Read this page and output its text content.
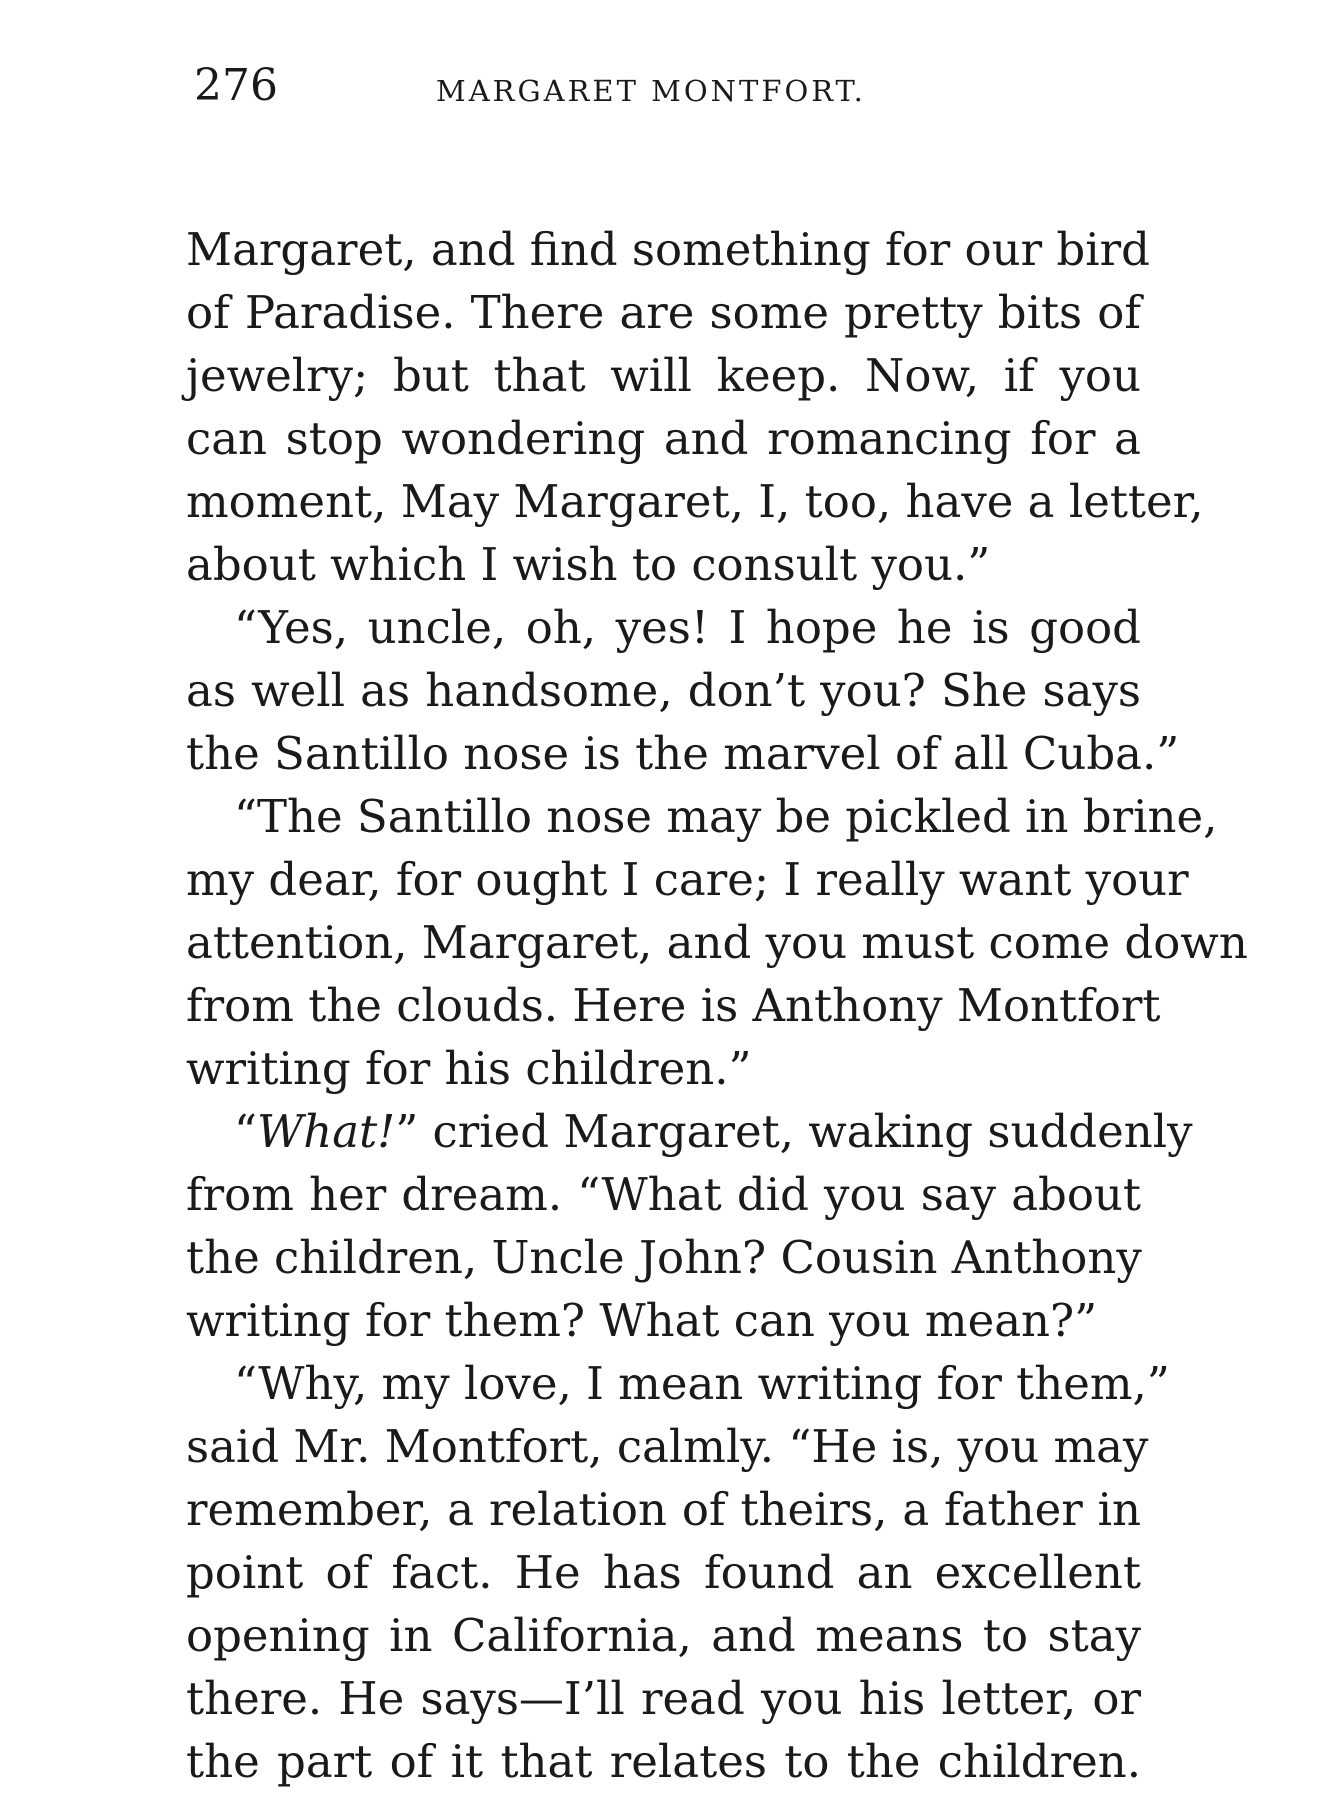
276	MARGARET MONTFORT.

Margaret, and find something for our bird
of Paradise. There are some pretty bits of
jewelry; but that will keep. Now, if you
can stop wondering and romancing for a
moment, May Margaret, I, too, have a letter,
about which I wish to consult you.”

“Yes, uncle, oh, yes! I hope he is good
as well as handsome, don’t you? She says
the Santillo nose is the marvel of all Cuba.”

“The Santillo nose may be pickled in brine,
my dear, for ought I care; I really want your
attention, Margaret, and you must come down
from the clouds. Here is Anthony Montfort
writing for his children.”

“What!” cried Margaret, waking suddenly
from her dream. “What did you say about
the children, Uncle John? Cousin Anthony
writing for them? What can you mean?”

“Why, my love, I mean writing for them,”
said Mr. Montfort, calmly. “He is, you may
remember, a relation of theirs, a father in
point of fact. He has found an excellent
opening in California, and means to stay
there. He says—I’ll read you his letter, or
the part of it that relates to the children.
